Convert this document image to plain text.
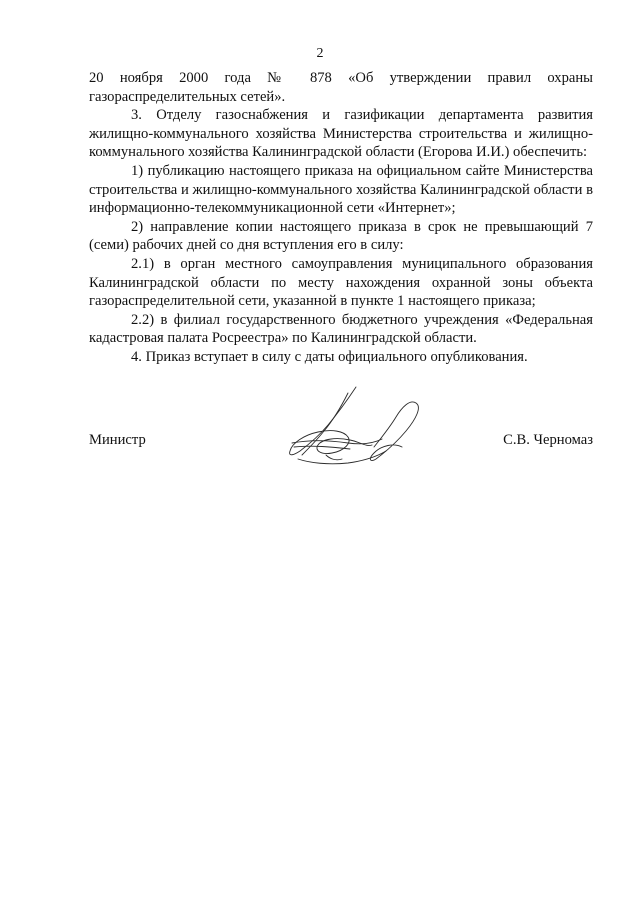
2

20 ноября 2000 года № 878 «Об утверждении правил охраны газораспределительных сетей».

3. Отделу газоснабжения и газификации департамента развития жилищно-коммунального хозяйства Министерства строительства и жилищно-коммунального хозяйства Калининградской области (Егорова И.И.) обеспечить:

1) публикацию настоящего приказа на официальном сайте Министерства строительства и жилищно-коммунального хозяйства Калининградской области в информационно-телекоммуникационной сети «Интернет»;

2) направление копии настоящего приказа в срок не превышающий 7 (семи) рабочих дней со дня вступления его в силу:

2.1) в орган местного самоуправления муниципального образования Калининградской области по месту нахождения охранной зоны объекта газораспределительной сети, указанной в пункте 1 настоящего приказа;

2.2) в филиал государственного бюджетного учреждения «Федеральная кадастровая палата Росреестра» по Калининградской области.

4. Приказ вступает в силу с даты официального опубликования.

Министр	С.В. Черномаз
